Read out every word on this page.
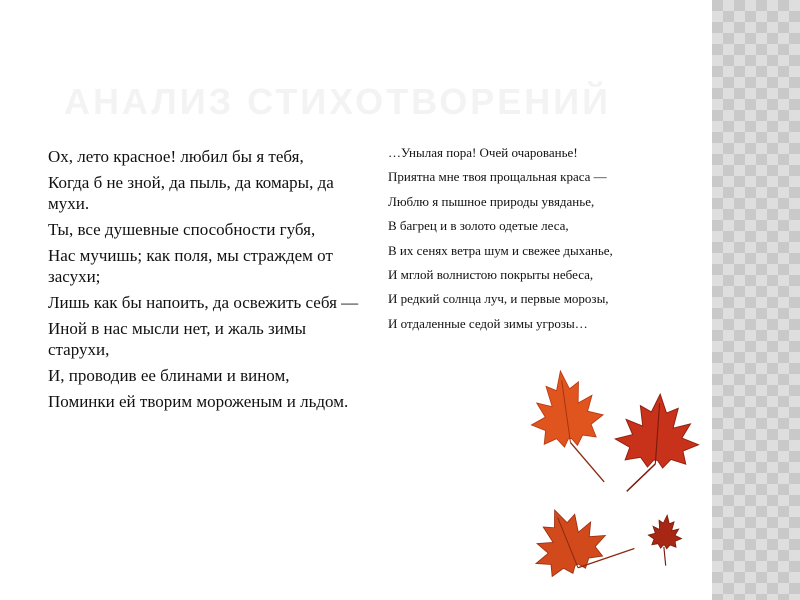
АНАЛИЗ СТИХОТВОРЕНИЙ

Ох, лето красное! любил бы я тебя,

Когда б не зной, да пыль, да комары, да мухи.

Ты, все душевные способности губя,

Нас мучишь; как поля, мы страждем от засухи;

Лишь как бы напоить, да освежить себя —

Иной в нас мысли нет, и жаль зимы старухи,

И, проводив ее блинами и вином,

Поминки ей творим мороженым и льдом.

…Унылая пора! Очей очарованье!

Приятна мне твоя прощальная краса —

Люблю я пышное природы увяданье,

В багрец и в золото одетые леса,

В их сенях ветра шум и свежее дыханье,

И мглой волнистою покрыты небеса,

И редкий солнца луч, и первые морозы,

И отдаленные седой зимы угрозы…
